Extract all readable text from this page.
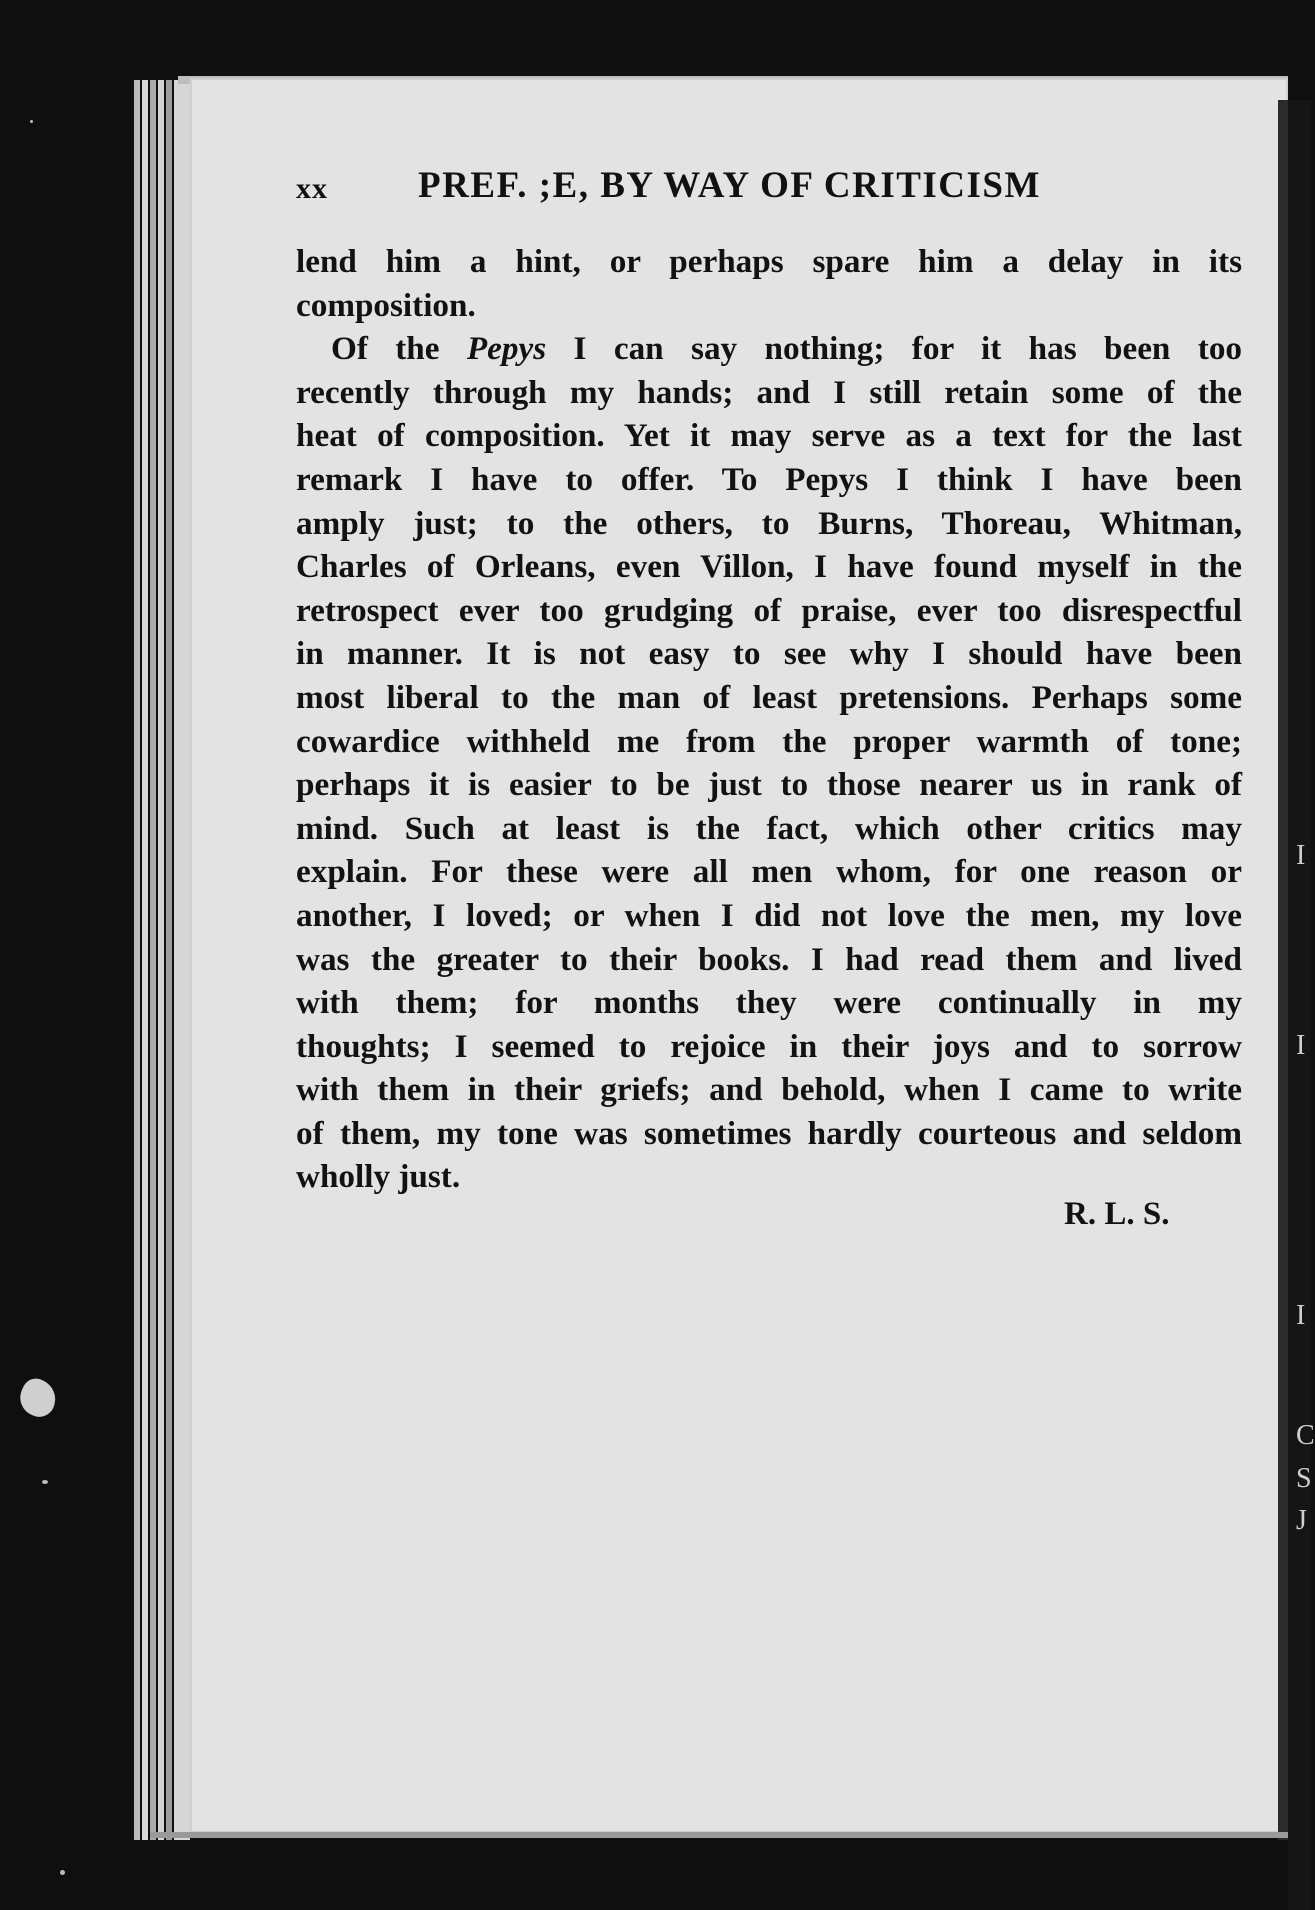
I
I
I
C
S
J
xx PREF. ;E, BY WAY OF CRITICISM
lend him a hint, or perhaps spare him a delay in its
composition.
Of the Pepys I can say nothing; for it has been too
recently through my hands; and I still retain some of the
heat of composition. Yet it may serve as a text for the last
remark I have to offer. To Pepys I think I have been
amply just; to the others, to Burns, Thoreau, Whitman,
Charles of Orleans, even Villon, I have found myself in the
retrospect ever too grudging of praise, ever too disrespectful
in manner. It is not easy to see why I should have been
most liberal to the man of least pretensions. Perhaps some
cowardice withheld me from the proper warmth of tone;
perhaps it is easier to be just to those nearer us in rank of
mind. Such at least is the fact, which other critics may
explain. For these were all men whom, for one reason or
another, I loved; or when I did not love the men, my love
was the greater to their books. I had read them and lived
with them; for months they were continually in my
thoughts; I seemed to rejoice in their joys and to sorrow
with them in their griefs; and behold, when I came to write
of them, my tone was sometimes hardly courteous and seldom
wholly just.
R. L. S.
